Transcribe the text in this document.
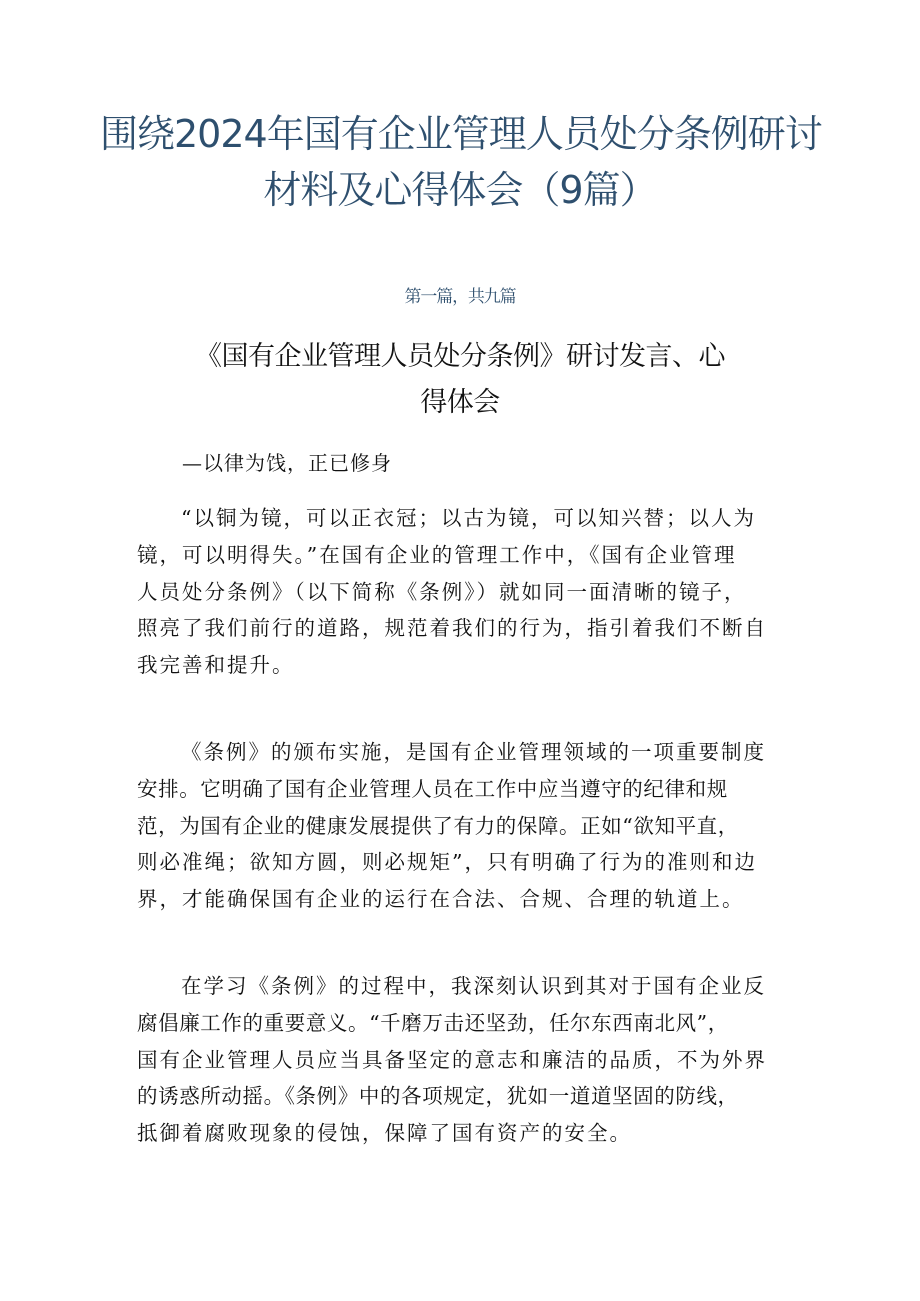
围绕2024年国有企业管理人员处分条例研讨
材料及心得体会（9篇）
第一篇，共九篇
《国有企业管理人员处分条例》研讨发言、心
得体会
—以律为饯，正已修身

“以铜为镜，可以正衣冠；以古为镜，可以知兴替；以人为
镜，可以明得失。”在国有企业的管理工作中，《国有企业管理
人员处分条例》（以下简称《条例》）就如同一面清晰的镜子，
照亮了我们前行的道路，规范着我们的行为，指引着我们不断自
我完善和提升。

《条例》的颁布实施，是国有企业管理领域的一项重要制度
安排。它明确了国有企业管理人员在工作中应当遵守的纪律和规
范，为国有企业的健康发展提供了有力的保障。正如“欲知平直，
则必准绳；欲知方圆，则必规矩”，只有明确了行为的准则和边
界，才能确保国有企业的运行在合法、合规、合理的轨道上。

在学习《条例》的过程中，我深刻认识到其对于国有企业反
腐倡廉工作的重要意义。“千磨万击还坚劲，任尔东西南北风”，
国有企业管理人员应当具备坚定的意志和廉洁的品质，不为外界
的诱惑所动摇。《条例》中的各项规定，犹如一道道坚固的防线，
抵御着腐败现象的侵蚀，保障了国有资产的安全。
